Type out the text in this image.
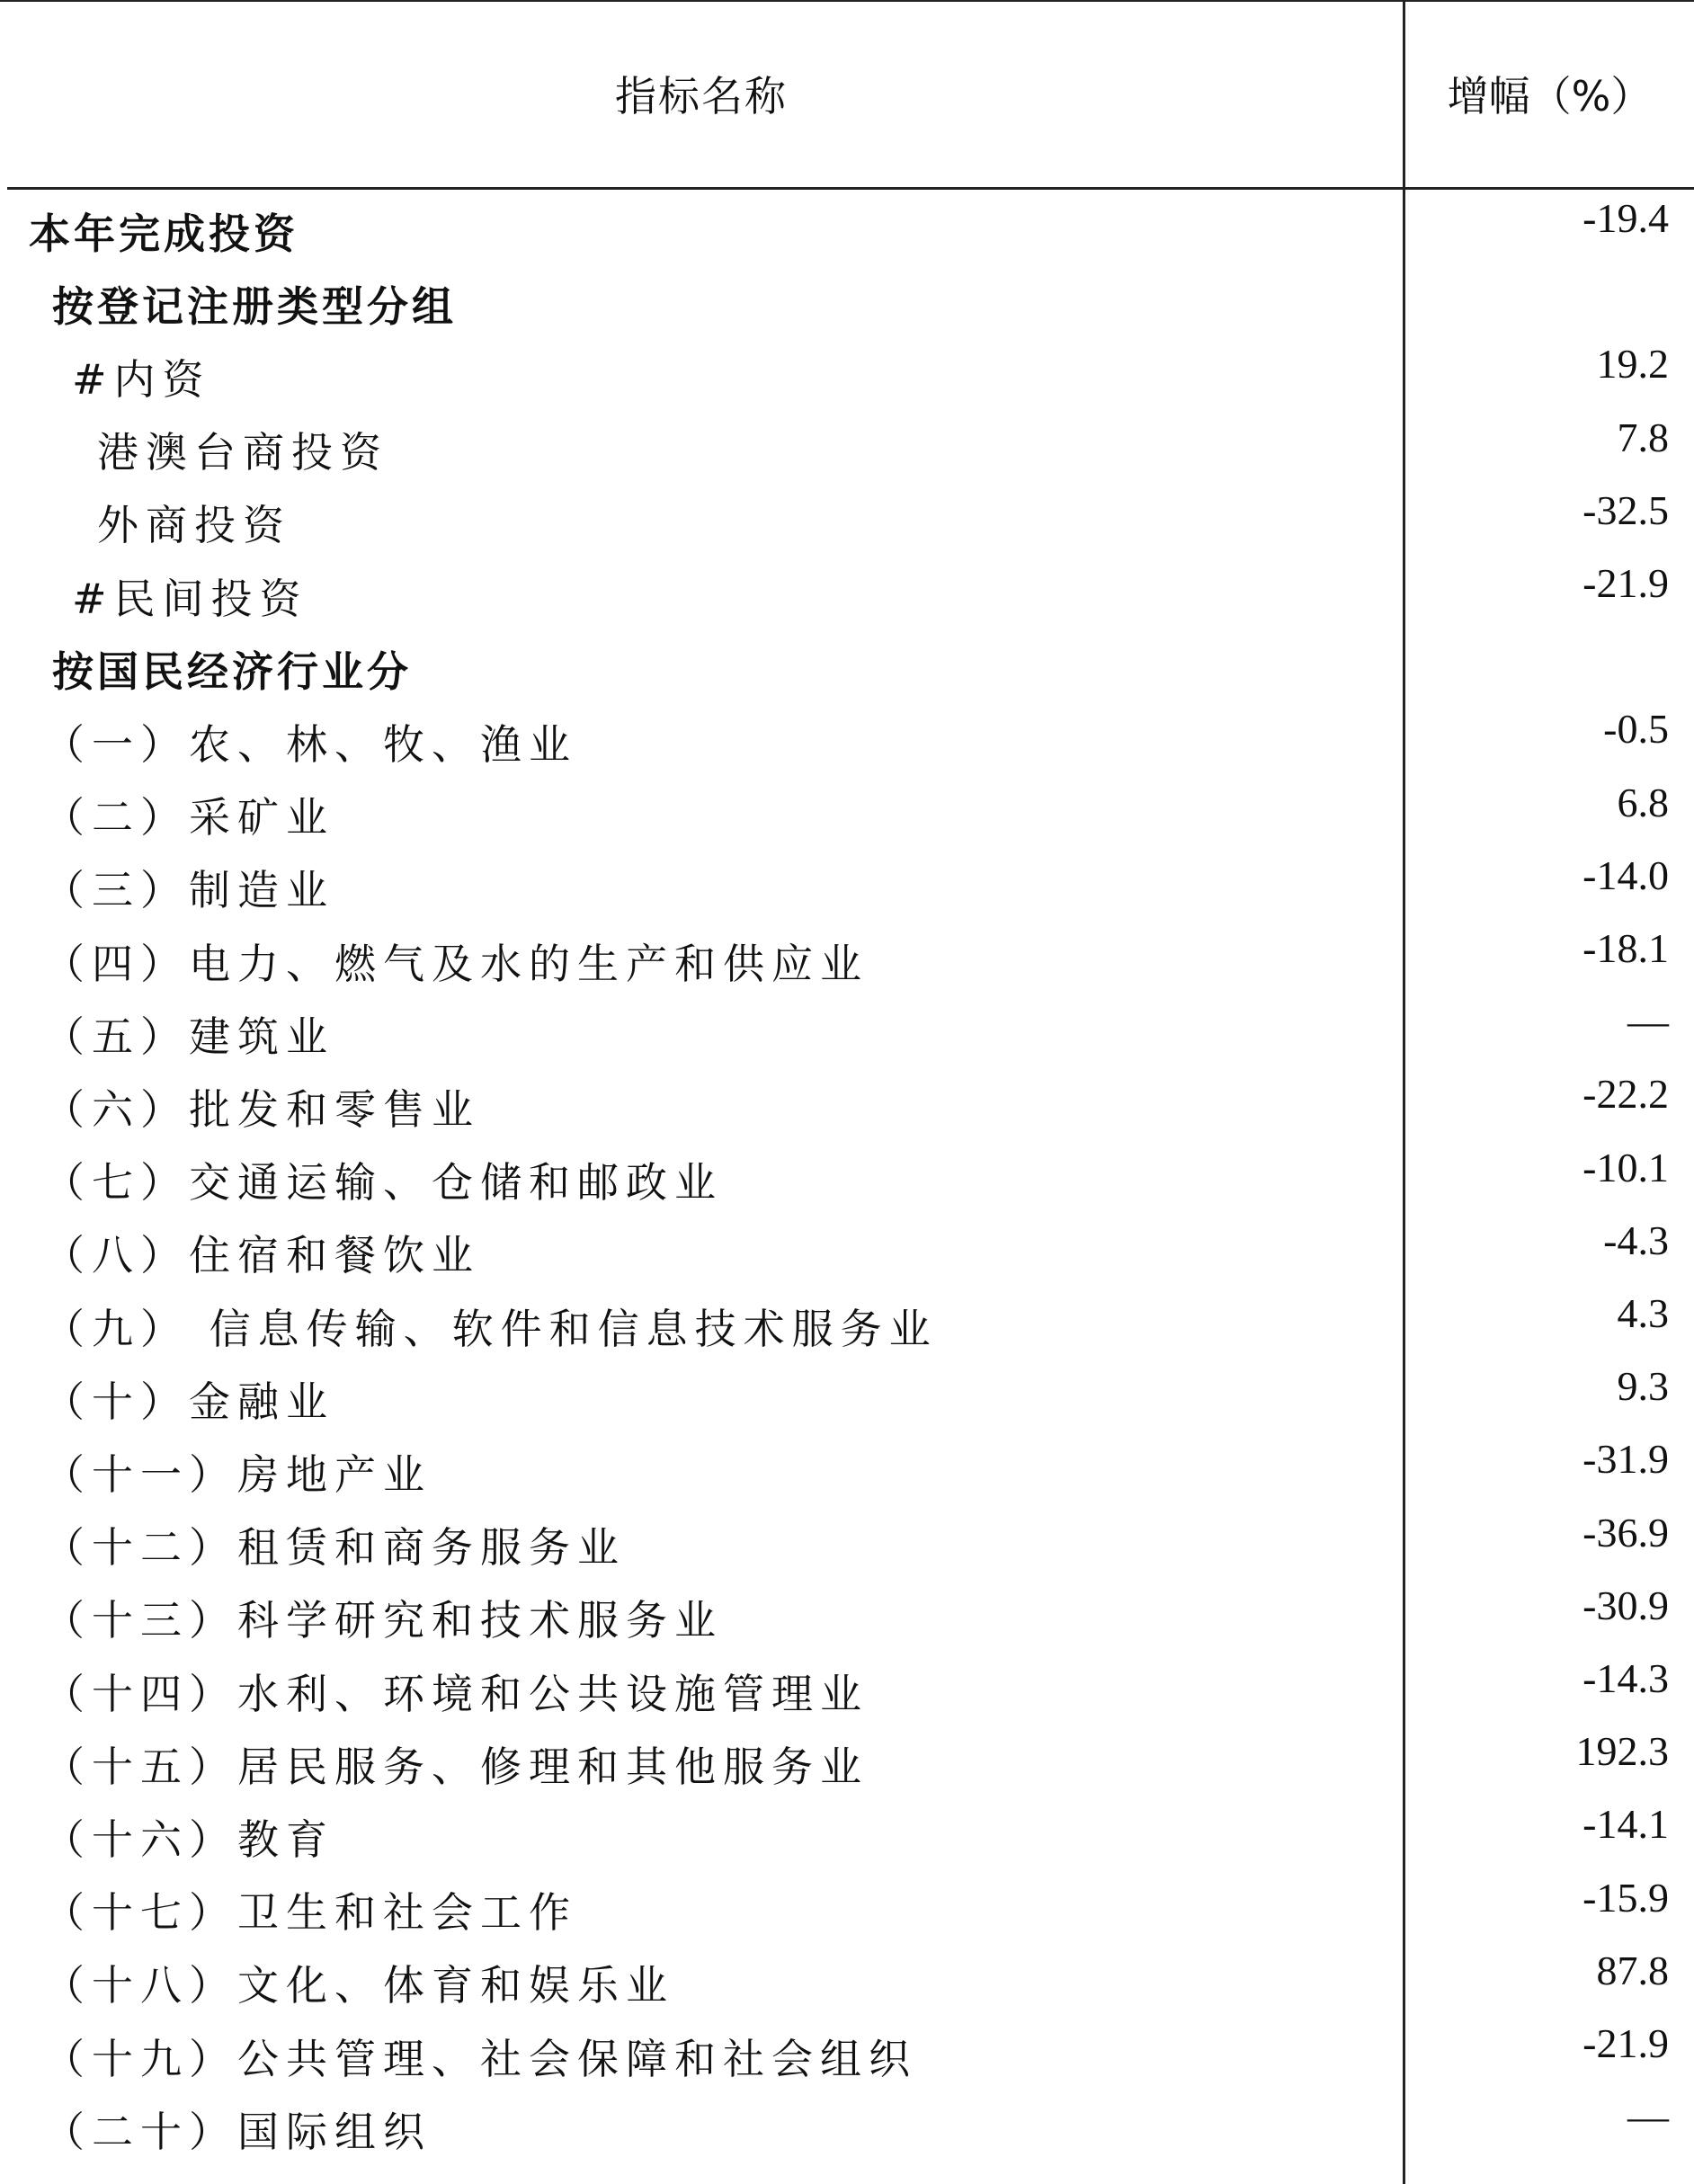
指标名称	增幅（%）
本年完成投资	-19.4
按登记注册类型分组
#内资	19.2
港澳台商投资	7.8
外商投资	-32.5
#民间投资	-21.9
按国民经济行业分
（一）农、林、牧、渔业	-0.5
（二）采矿业	6.8
（三）制造业	-14.0
（四）电力、燃气及水的生产和供应业	-18.1
（五）建筑业	—
（六）批发和零售业	-22.2
（七）交通运输、仓储和邮政业	-10.1
（八）住宿和餐饮业	-4.3
（九） 信息传输、软件和信息技术服务业	4.3
（十）金融业	9.3
（十一）房地产业	-31.9
（十二）租赁和商务服务业	-36.9
（十三）科学研究和技术服务业	-30.9
（十四）水利、环境和公共设施管理业	-14.3
（十五）居民服务、修理和其他服务业	192.3
（十六）教育	-14.1
（十七）卫生和社会工作	-15.9
（十八）文化、体育和娱乐业	87.8
（十九）公共管理、社会保障和社会组织	-21.9
（二十）国际组织	—
